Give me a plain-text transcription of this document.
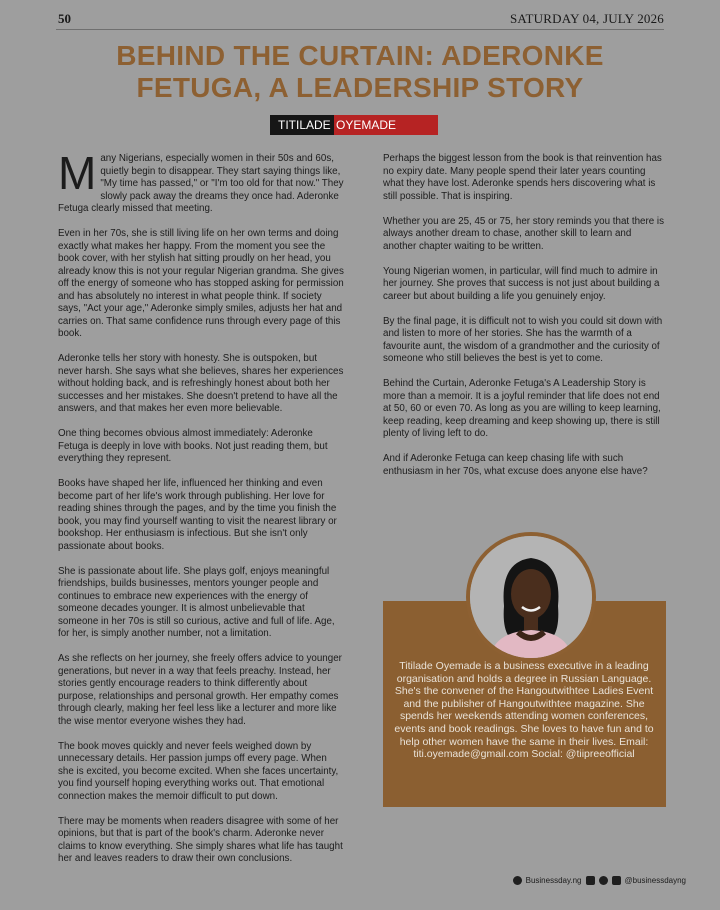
50	SATURDAY 04, JULY 2026
BEHIND THE CURTAIN: ADERONKE FETUGA, A LEADERSHIP STORY
TITILADE OYEMADE

Many Nigerians, especially women in their 50s and 60s, quietly begin to disappear. They start saying things like, "My time has passed," or "I'm too old for that now." They slowly pack away the dreams they once had. Aderonke Fetuga clearly missed that meeting.

Even in her 70s, she is still living life on her own terms and doing exactly what makes her happy. From the moment you see the book cover, with her stylish hat sitting proudly on her head, you already know this is not your regular Nigerian grandma. She gives off the energy of someone who has stopped asking for permission and has absolutely no interest in what people think. If society says, "Act your age," Aderonke simply smiles, adjusts her hat and carries on. That same confidence runs through every page of this book.

Aderonke tells her story with honesty. She is outspoken, but never harsh. She says what she believes, shares her experiences without holding back, and is refreshingly honest about both her successes and her mistakes. She doesn't pretend to have all the answers, and that makes her even more believable.

One thing becomes obvious almost immediately: Aderonke Fetuga is deeply in love with books. Not just reading them, but everything they represent.

Books have shaped her life, influenced her thinking and even become part of her life's work through publishing. Her love for reading shines through the pages, and by the time you finish the book, you may find yourself wanting to visit the nearest library or bookshop. Her enthusiasm is infectious. But she isn't only passionate about books.

She is passionate about life. She plays golf, enjoys meaningful friendships, builds businesses, mentors younger people and continues to embrace new experiences with the energy of someone decades younger. It is almost unbelievable that someone in her 70s is still so curious, active and full of life. Age, for her, is simply another number, not a limitation.

As she reflects on her journey, she freely offers advice to younger generations, but never in a way that feels preachy. Instead, her stories gently encourage readers to think differently about purpose, relationships and personal growth. Her empathy comes through clearly, making her feel less like a lecturer and more like the wise mentor everyone wishes they had.

The book moves quickly and never feels weighed down by unnecessary details. Her passion jumps off every page. When she is excited, you become excited. When she faces uncertainty, you find yourself hoping everything works out. That emotional connection makes the memoir difficult to put down.

There may be moments when readers disagree with some of her opinions, but that is part of the book's charm. Aderonke never claims to know everything. She simply shares what life has taught her and leaves readers to draw their own conclusions.

Perhaps the biggest lesson from the book is that reinvention has no expiry date. Many people spend their later years counting what they have lost. Aderonke spends hers discovering what is still possible. That is inspiring.

Whether you are 25, 45 or 75, her story reminds you that there is always another dream to chase, another skill to learn and another chapter waiting to be written.

Young Nigerian women, in particular, will find much to admire in her journey. She proves that success is not just about building a career but about building a life you genuinely enjoy.

By the final page, it is difficult not to wish you could sit down with and listen to more of her stories. She has the warmth of a favourite aunt, the wisdom of a grandmother and the curiosity of someone who still believes the best is yet to come.

Behind the Curtain, Aderonke Fetuga's A Leadership Story is more than a memoir. It is a joyful reminder that life does not end at 50, 60 or even 70. As long as you are willing to keep learning, keep reading, keep dreaming and keep showing up, there is still plenty of living left to do.

And if Aderonke Fetuga can keep chasing life with such enthusiasm in her 70s, what excuse does anyone else have?

Titilade Oyemade is a business executive in a leading organisation and holds a degree in Russian Language. She's the convener of the Hangoutwithtee Ladies Event and the publisher of Hangoutwithtee magazine. She spends her weekends attending women conferences, events and book readings. She loves to have fun and to help other women have the same in their lives. Email: titi.oyemade@gmail.com Social: @tiipreeofficial

Businessday.ng	@businessdayng
